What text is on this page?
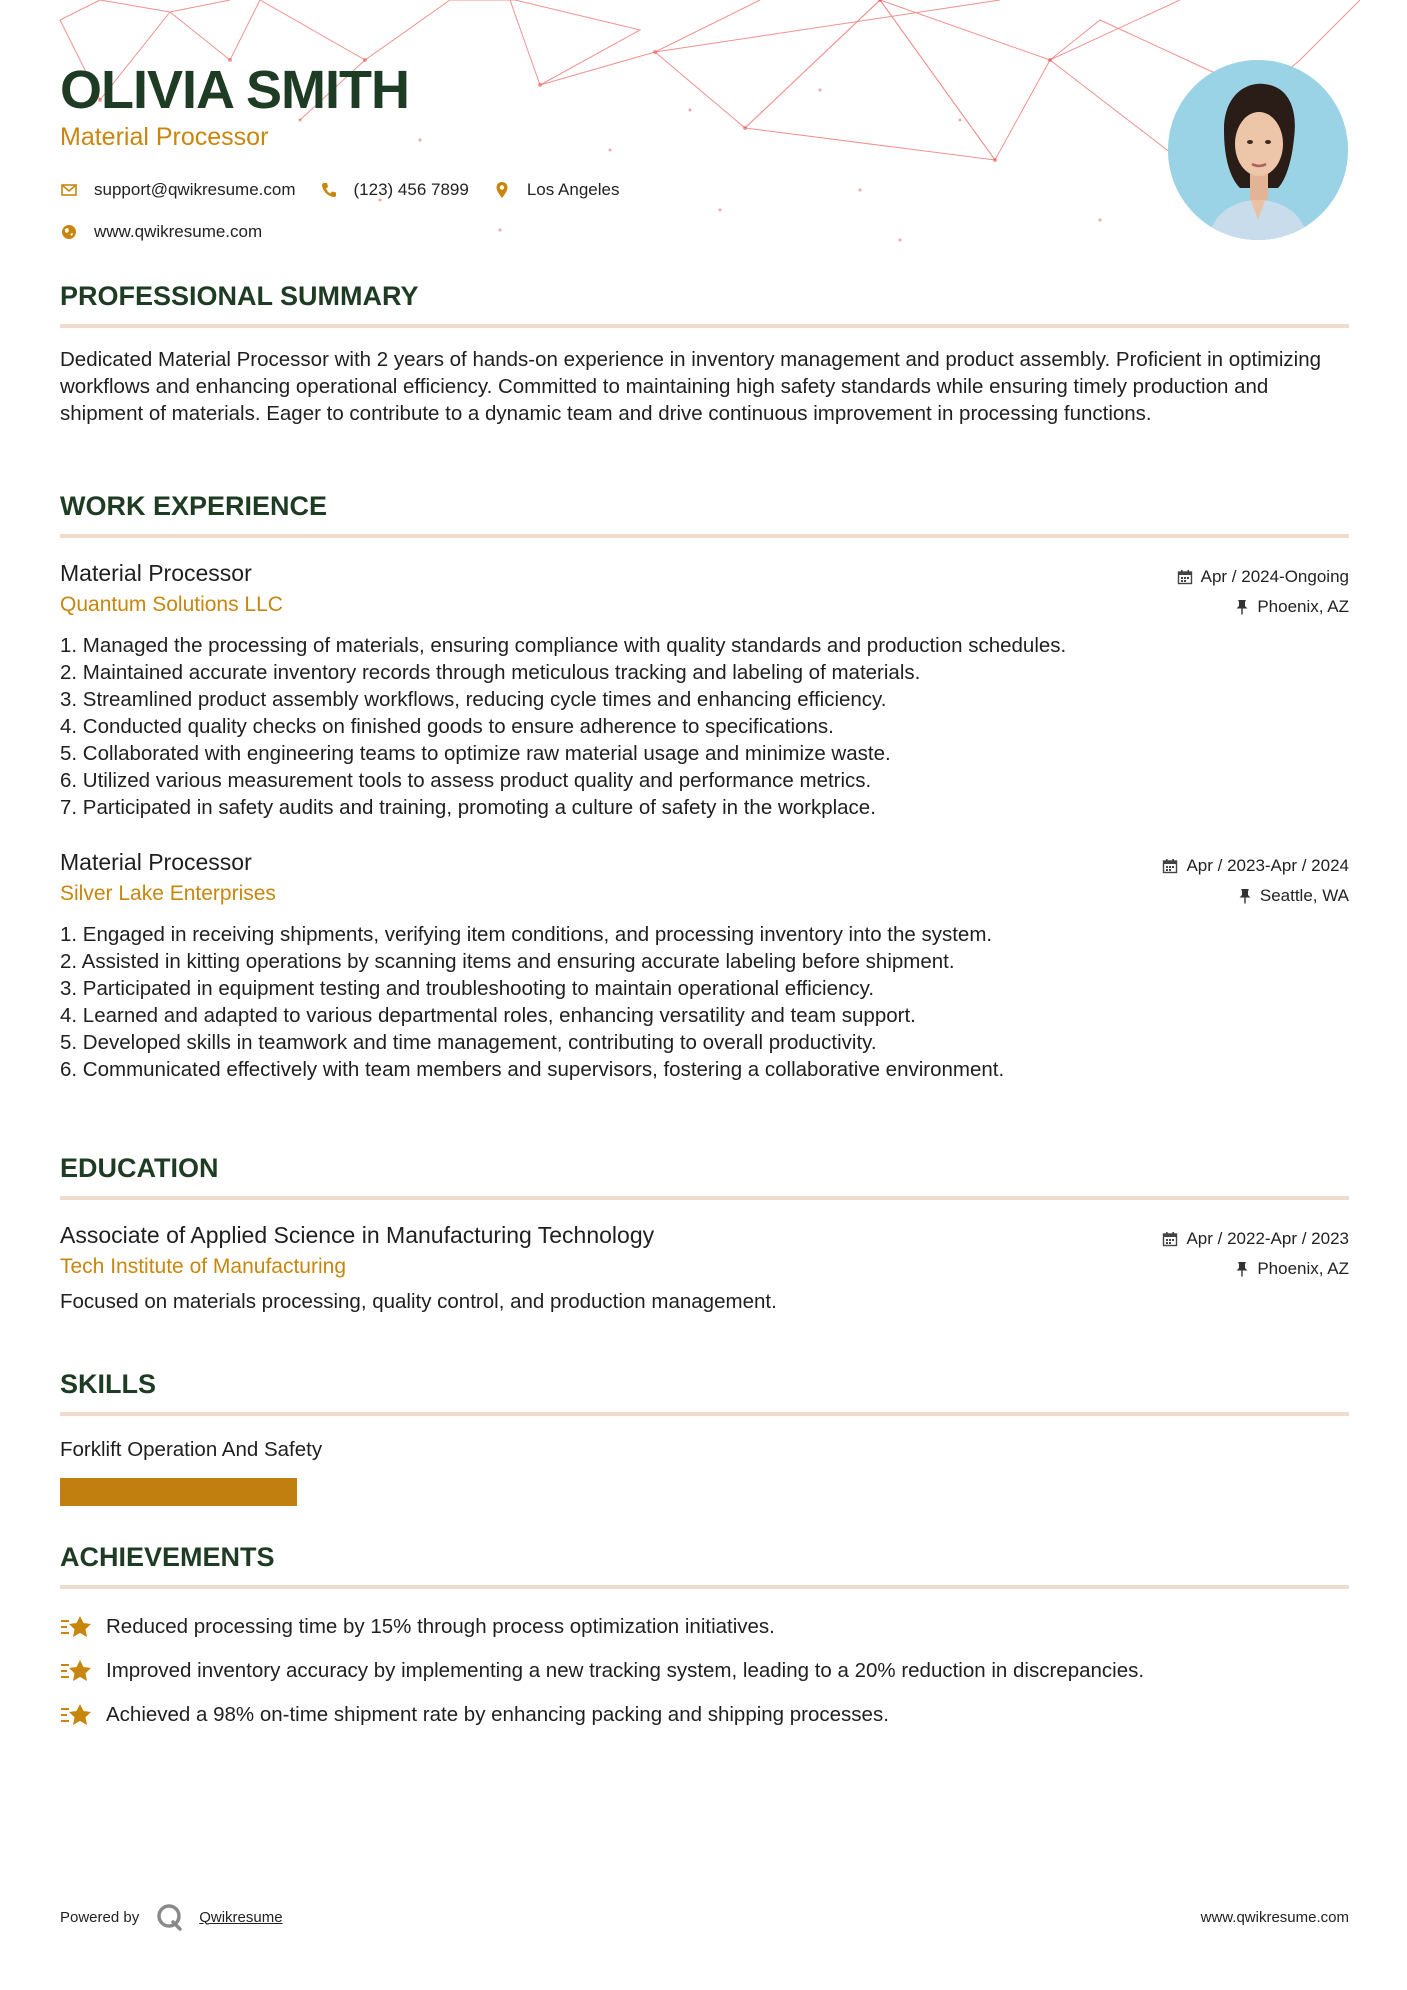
OLIVIA SMITH
Material Processor
support@qwikresume.com	(123) 456 7899	Los Angeles
www.qwikresume.com
PROFESSIONAL SUMMARY
Dedicated Material Processor with 2 years of hands-on experience in inventory management and product assembly. Proficient in optimizing workflows and enhancing operational efficiency. Committed to maintaining high safety standards while ensuring timely production and shipment of materials. Eager to contribute to a dynamic team and drive continuous improvement in processing functions.
WORK EXPERIENCE
Material Processor
Quantum Solutions LLC
Apr / 2024-Ongoing
Phoenix, AZ
1. Managed the processing of materials, ensuring compliance with quality standards and production schedules.
2. Maintained accurate inventory records through meticulous tracking and labeling of materials.
3. Streamlined product assembly workflows, reducing cycle times and enhancing efficiency.
4. Conducted quality checks on finished goods to ensure adherence to specifications.
5. Collaborated with engineering teams to optimize raw material usage and minimize waste.
6. Utilized various measurement tools to assess product quality and performance metrics.
7. Participated in safety audits and training, promoting a culture of safety in the workplace.
Material Processor
Silver Lake Enterprises
Apr / 2023-Apr / 2024
Seattle, WA
1. Engaged in receiving shipments, verifying item conditions, and processing inventory into the system.
2. Assisted in kitting operations by scanning items and ensuring accurate labeling before shipment.
3. Participated in equipment testing and troubleshooting to maintain operational efficiency.
4. Learned and adapted to various departmental roles, enhancing versatility and team support.
5. Developed skills in teamwork and time management, contributing to overall productivity.
6. Communicated effectively with team members and supervisors, fostering a collaborative environment.
EDUCATION
Associate of Applied Science in Manufacturing Technology
Tech Institute of Manufacturing
Apr / 2022-Apr / 2023
Phoenix, AZ
Focused on materials processing, quality control, and production management.
SKILLS
Forklift Operation And Safety
ACHIEVEMENTS
Reduced processing time by 15% through process optimization initiatives.
Improved inventory accuracy by implementing a new tracking system, leading to a 20% reduction in discrepancies.
Achieved a 98% on-time shipment rate by enhancing packing and shipping processes.
Powered by	Qwikresume	www.qwikresume.com
